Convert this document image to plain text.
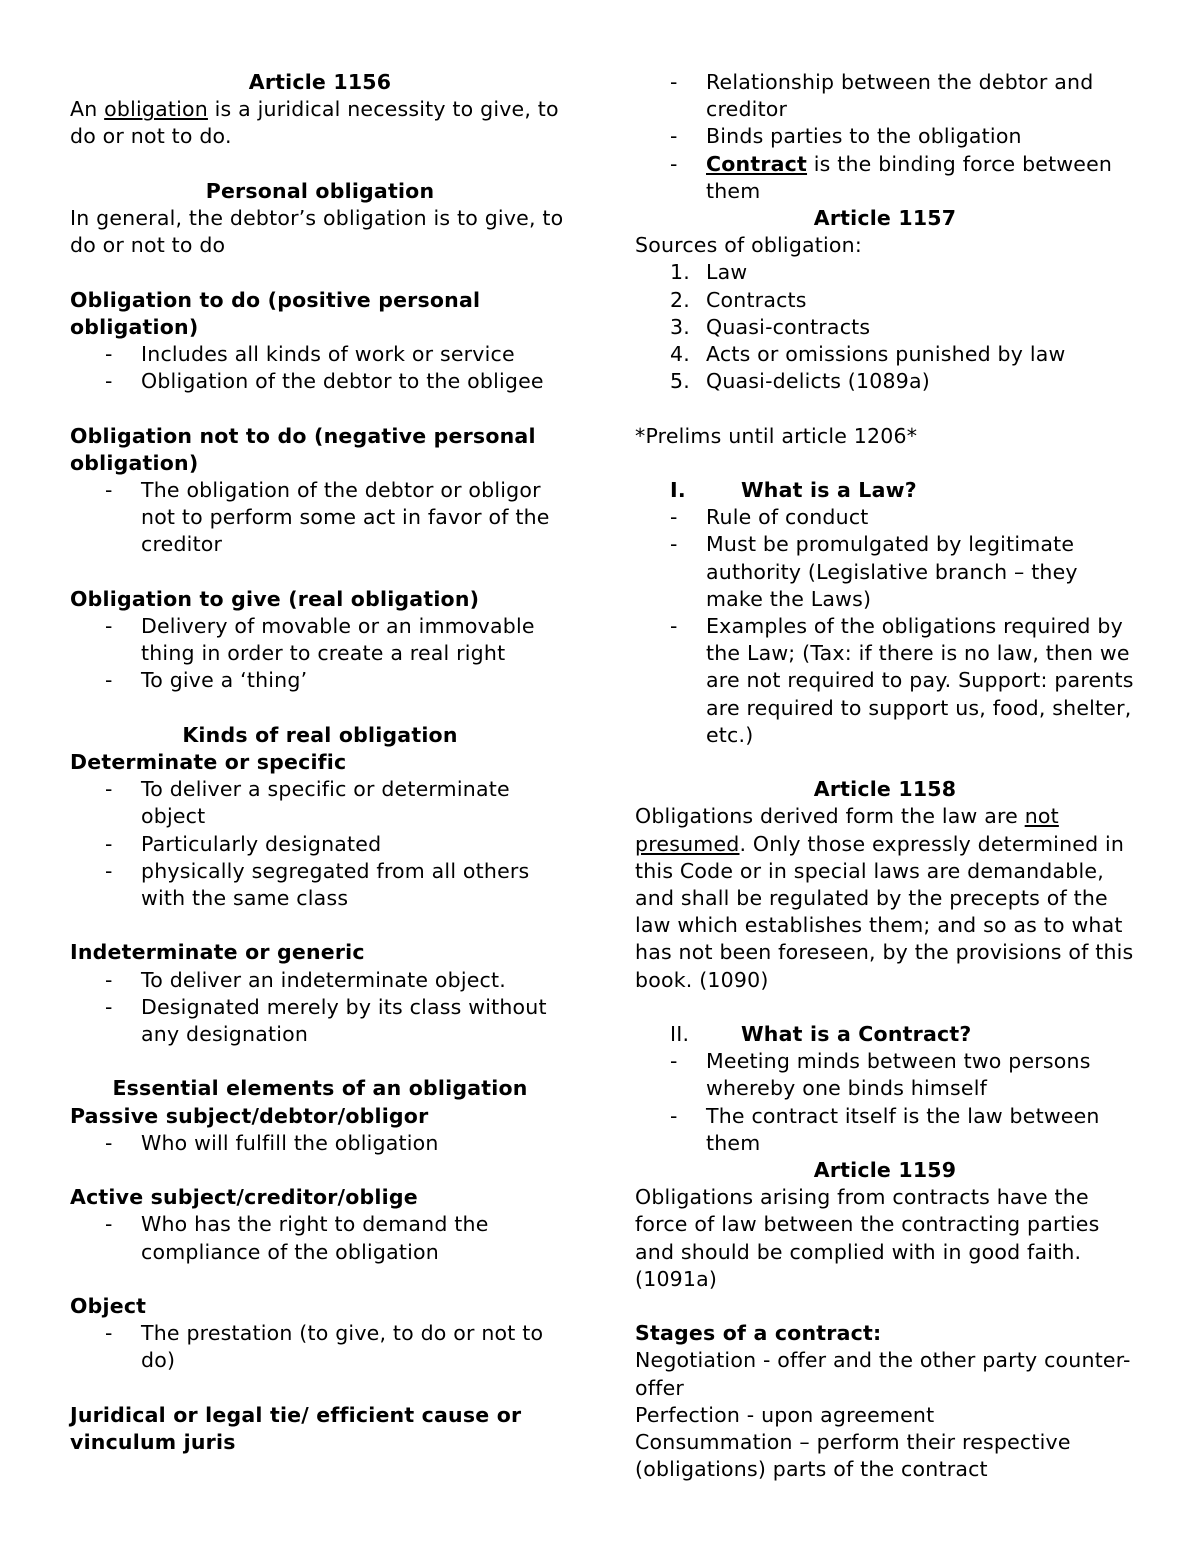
Article 1156

An obligation is a juridical necessity to give, to do or not to do.

Personal obligation

In general, the debtor’s obligation is to give, to do or not to do

Obligation to do (positive personal obligation)

-	Includes all kinds of work or service
-	Obligation of the debtor to the obligee

Obligation not to do (negative personal obligation)

-	The obligation of the debtor or obligor not to perform some act in favor of the creditor

Obligation to give (real obligation)

-	Delivery of movable or an immovable thing in order to create a real right
-	To give a ‘thing’

Kinds of real obligation

Determinate or specific

-	To deliver a specific or determinate object
-	Particularly designated
-	physically segregated from all others with the same class

Indeterminate or generic

-	To deliver an indeterminate object.
-	Designated merely by its class without any designation

Essential elements of an obligation

Passive subject/debtor/obligor

-	Who will fulfill the obligation

Active subject/creditor/oblige

-	Who has the right to demand the compliance of the obligation

Object

-	The prestation (to give, to do or not to do)

Juridical or legal tie/ efficient cause or vinculum juris

-	Relationship between the debtor and creditor
-	Binds parties to the obligation
-	Contract is the binding force between them

Article 1157

Sources of obligation:

1. Law
2. Contracts
3. Quasi-contracts
4. Acts or omissions punished by law
5. Quasi-delicts (1089a)

*Prelims until article 1206*

I.	What is a Law?
-	Rule of conduct
-	Must be promulgated by legitimate authority (Legislative branch – they make the Laws)
-	Examples of the obligations required by the Law; (Tax: if there is no law, then we are not required to pay. Support: parents are required to support us, food, shelter, etc.)

Article 1158

Obligations derived form the law are not presumed. Only those expressly determined in this Code or in special laws are demandable, and shall be regulated by the precepts of the law which establishes them; and so as to what has not been foreseen, by the provisions of this book. (1090)

II.	What is a Contract?
-	Meeting minds between two persons whereby one binds himself
-	The contract itself is the law between them

Article 1159

Obligations arising from contracts have the force of law between the contracting parties and should be complied with in good faith. (1091a)

Stages of a contract:

Negotiation - offer and the other party counter-offer

Perfection - upon agreement

Consummation – perform their respective (obligations) parts of the contract
